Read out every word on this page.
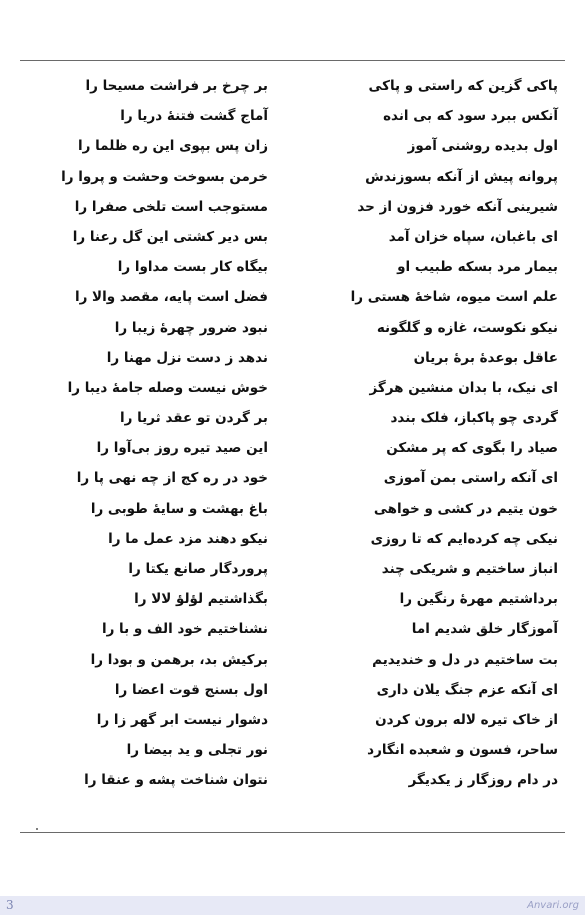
پاکی گزین که راستی و پاکی
بر چرخ بر فراشت مسیحا را
آنکس ببرد سود که بی انده
آماج گشت فتنهٔ دریا را
اول بدیده روشنی آموز
زان پس بپوی این ره ظلما را
پروانه پیش از آنکه بسوزندش
خرمن بسوخت وحشت و پروا را
شیرینی آنکه خورد فزون از حد
مستوجب است تلخی صفرا را
ای باغبان، سپاه خزان آمد
بس دیر کشتی این گل رعنا را
بیمار مرد بسکه طبیب او
بیگاه کار بست مداوا را
علم است میوه، شاخهٔ هستی را
فضل است پایه، مقصد والا را
نیکو نکوست، غازه و گلگونه
نبود ضرور چهرهٔ زیبا را
عاقل بوعدهٔ برهٔ بریان
ندهد ز دست نزل مهنا را
ای نیک، با بدان منشین هرگز
خوش نیست وصله جامهٔ دیبا را
گردی چو پاکباز، فلک بندد
بر گردن تو عقد ثریا را
صیاد را بگوی که پر مشکن
این صید تیره روز بی‌آوا را
ای آنکه راستی بمن آموزی
خود در ره کج از چه نهی پا را
خون یتیم در کشی و خواهی
باغ بهشت و سایهٔ طوبی را
نیکی چه کرده‌ایم که تا روزی
نیکو دهند مزد عمل ما را
انباز ساختیم و شریکی چند
پروردگار صانع یکتا را
برداشتیم مهرهٔ رنگین را
بگذاشتیم لؤلؤ لالا را
آموزگار خلق شدیم اما
نشناختیم خود الف و با را
بت ساختیم در دل و خندیدیم
برکیش بد، برهمن و بودا را
ای آنکه عزم جنگ یلان داری
اول بسنج قوت اعضا را
از خاک تیره لاله برون کردن
دشوار نیست ابر گهر زا را
ساحر، فسون و شعبده انگارد
نور تجلی و ید بیضا را
در دام روزگار ز یکدیگر
نتوان شناخت پشه و عنقا را
3	Anvari.org
